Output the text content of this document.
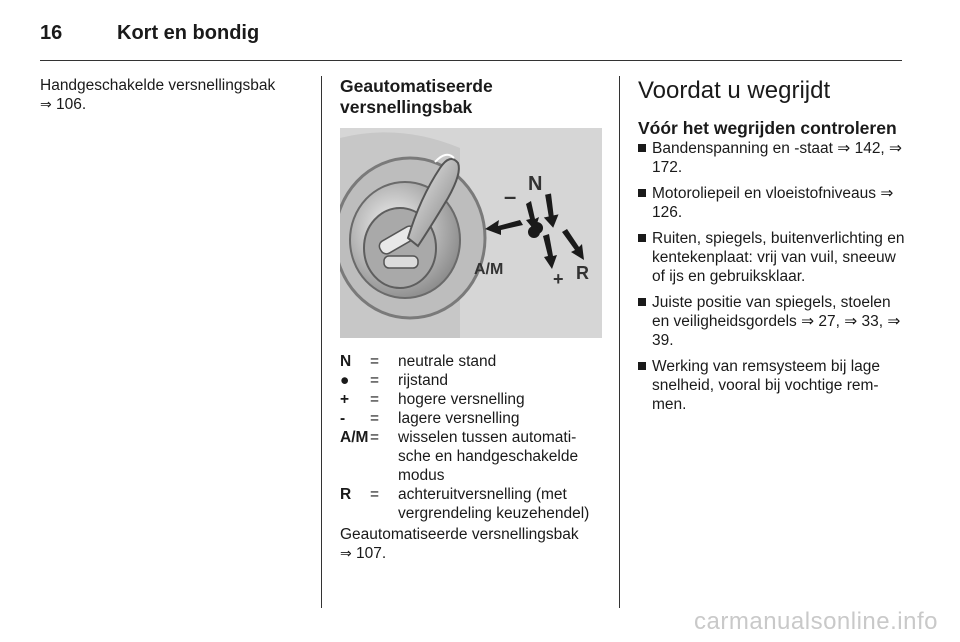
16	Kort en bondig
Handgeschakelde versnellingsbak
⇒ 106.
Geautomatiseerde
versnellingsbak
N
–
A/M	+ R
N	=	neutrale stand
●	=	rijstand
+	=	hogere versnelling
-	=	lagere versnelling
A/M =	wisselen tussen automati-sche en handgeschakelde modus
R	=	achteruitversnelling (met vergrendeling keuzehendel)
Geautomatiseerde versnellingsbak
⇒ 107.
Voordat u wegrijdt
Vóór het wegrijden controleren
Bandenspanning en -staat ⇒ 142, ⇒ 172.
Motoroliepeil en vloeistofniveaus ⇒ 126.
Ruiten, spiegels, buitenverlichting en kentekenplaat: vrij van vuil, sneeuw of ijs en gebruiksklaar.
Juiste positie van spiegels, stoelen en veiligheidsgordels ⇒ 27, ⇒ 33, ⇒ 39.
Werking van remsysteem bij lage snelheid, vooral bij vochtige rem-men.
carmanualsonline.info
